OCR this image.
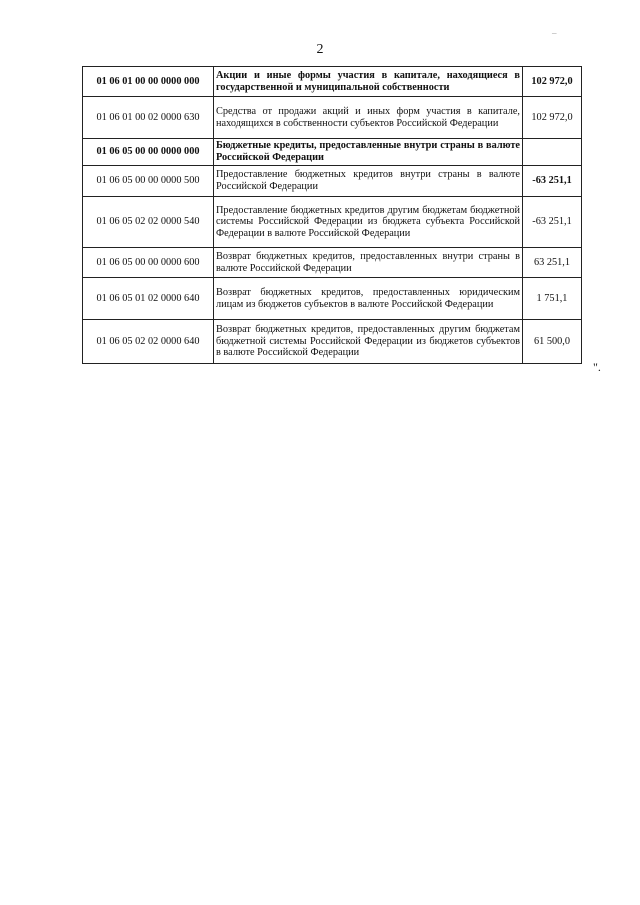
2
–
01 06 01 00 00 0000 000	Акции и иные формы участия в капитале, находящиеся в государственной и муниципальной собственности	102 972,0
01 06 01 00 02 0000 630	Средства от продажи акций и иных форм участия в капитале, находящихся в собственности субъектов Российской Федерации	102 972,0
01 06 05 00 00 0000 000	Бюджетные кредиты, предоставленные внутри страны в валюте Российской Федерации	
01 06 05 00 00 0000 500	Предоставление бюджетных кредитов внутри страны в валюте Российской Федерации	-63 251,1
01 06 05 02 02 0000 540	Предоставление бюджетных кредитов другим бюджетам бюджетной системы Российской Федерации из бюджета субъекта Российской Федерации в валюте Российской Федерации	-63 251,1
01 06 05 00 00 0000 600	Возврат бюджетных кредитов, предоставленных внутри страны в валюте Российской Федерации	63 251,1
01 06 05 01 02 0000 640	Возврат бюджетных кредитов, предоставленных юридическим лицам из бюджетов субъектов в валюте Российской Федерации	1 751,1
01 06 05 02 02 0000 640	Возврат бюджетных кредитов, предоставленных другим бюджетам бюджетной системы Российской Федерации из бюджетов субъектов в валюте Российской Федерации	61 500,0
".
